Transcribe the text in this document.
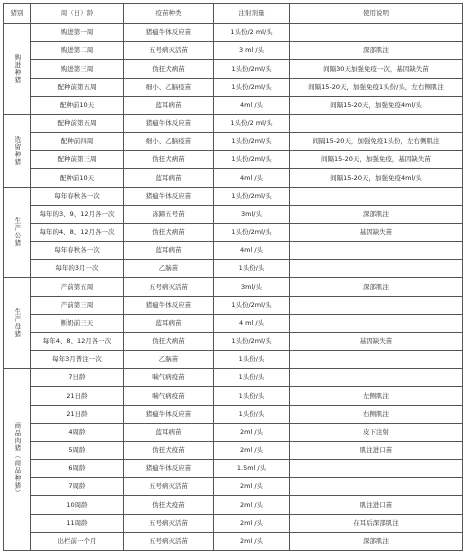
猪别	周（日）龄	疫苗种类	注射剂量	使用说明
购进种猪	购进第一周	猪瘟牛体反应苗	1头份/2 ml/头	
	购进第二周	五号病灭活苗	3 ml /头	深部肌注
	购进第三周	伪狂犬病苗	1头份/2ml/头	间隔30天加强免疫一次，基因缺失苗
	配种前第五周	细小、乙脑疫苗	1头份/2ml/头	间隔15-20天，加强免疫1头份/头，左右侧肌注
	配种前10天	蓝耳病苗	4ml /头	间隔15-20天，加强免疫4ml/头
选留种猪	配种前第五周	猪瘟牛体反应苗	1头份/2 ml/头	
	配种前四周	细小、乙脑疫苗	1头份/2ml/头	间隔15-20天，加强免疫1头份，左右侧肌注
	配种前第三周	伪狂犬病苗	1头份/2ml/头	间隔15-20天，加强免疫，基因缺失苗
	配种前10天	蓝耳病苗	4ml /头	间隔15-20天，加强免疫4ml/头
生产公猪	每年春秋各一次	猪瘟牛体反应苗	1头份/2ml/头	
	每年的3、9、12月各一次	冻蹄五号苗	3ml/头	深部肌注
	每年的4、8、12月各一次	伪狂犬病苗	1头份/2ml/头	基因缺失苗
	每年春秋各一次	蓝耳病苗	4ml /头	
	每年的3月一次	乙脑苗	1头份/头	
生产母猪	产前第五周	五号病灭活苗	3ml/头	深部肌注
	产前第三周	猪瘟牛体反应苗	1头份/2ml/头	
	断奶前三天	蓝耳病苗	4 ml /头	
	每年4、8、12月各一次	伪狂犬病苗	1头份/2ml/头	基因缺失苗
	每年3月普注一次	乙脑苗	1头份/头	
商品肉猪（商品种猪）	7日龄	喘气病疫苗	1头份/头	
	21日龄	喘气病疫苗	1头份/头	左侧肌注
	21日龄	猪瘟牛体反应苗	1头份/头	右侧肌注
	4周龄	蓝耳病苗	2ml /头	皮下注射
	5周龄	伪狂犬疫苗	2ml /头	肌注进口苗
	6周龄	猪瘟牛体反应苗	1.5ml /头	
	7周龄	五号病灭活苗	2ml /头	
	10周龄	伪狂犬疫苗	2ml /头	肌注进口苗
	11周龄	五号病灭活苗	2ml /头	在耳后深部肌注
	出栏前一个月	五号病灭活苗	2ml /头	深部肌注
